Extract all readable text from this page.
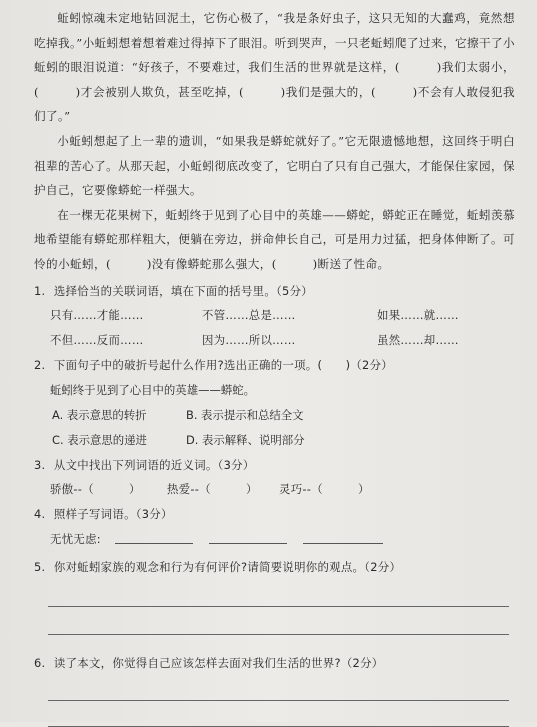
蚯蚓惊魂未定地钻回泥土，它伤心极了，“我是条好虫子，这只无知的大蠢鸡，竟然想吃掉我。”小蚯蚓想着想着难过得掉下了眼泪。听到哭声，一只老蚯蚓爬了过来，它擦干了小蚯蚓的眼泪说道：“好孩子，不要难过，我们生活的世界就是这样，(　　　)我们太弱小，(　　　)才会被别人欺负，甚至吃掉，(　　　)我们是强大的，(　　　)不会有人敢侵犯我们了。”

小蚯蚓想起了上一辈的遗训，“如果我是蟒蛇就好了。”它无限遗憾地想，这回终于明白祖辈的苦心了。从那天起，小蚯蚓彻底改变了，它明白了只有自己强大，才能保住家园，保护自己，它要像蟒蛇一样强大。

在一棵无花果树下，蚯蚓终于见到了心目中的英雄——蟒蛇，蟒蛇正在睡觉，蚯蚓羡慕地希望能有蟒蛇那样粗大，便躺在旁边，拼命伸长自己，可是用力过猛，把身体伸断了。可怜的小蚯蚓，(　　　)没有像蟒蛇那么强大，(　　　)断送了性命。

1. 选择恰当的关联词语，填在下面的括号里。（5分）

只有……才能……	不管……总是……	如果……就……
不但……反而……	因为……所以……	虽然……却……

2. 下面句子中的破折号起什么作用?选出正确的一项。(　　)（2分）

蚯蚓终于见到了心目中的英雄——蟒蛇。
A. 表示意思的转折	B. 表示提示和总结全文
C. 表示意思的递进	D. 表示解释、说明部分

3. 从文中找出下列词语的近义词。（3分）

骄傲--（　　　）	热爱--（　　　）	灵巧--（　　　）

4. 照样子写词语。（3分）

无忧无虑:

5. 你对蚯蚓家族的观念和行为有何评价?请简要说明你的观点。（2分）

6. 读了本文，你觉得自己应该怎样去面对我们生活的世界?（2分）
